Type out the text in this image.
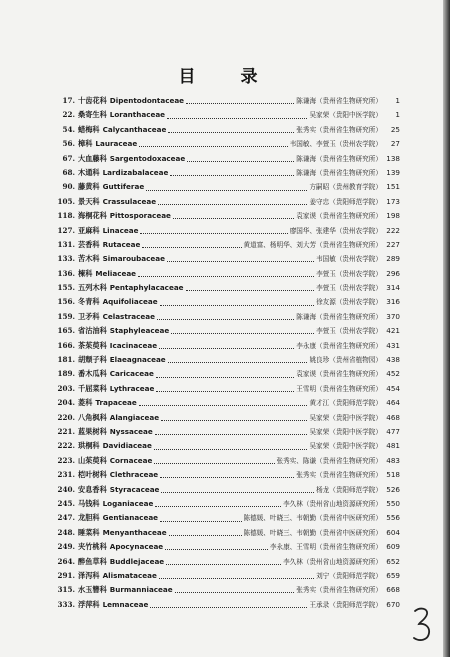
目　录
17. 十齿花科 Dipentodontaceae	陈谦海（贵州省生物研究所）	1
22. 桑寄生科 Loranthaceae	吴家荣（贵阳中医学院）	1
54. 蜡梅科 Calycanthaceae	张秀实（贵州省生物研究所）	25
56. 樟科 Lauraceae	韦国敏、李萱玉（贵州农学院）	27
67. 大血藤科 Sargentodoxaceae	陈谦海（贵州省生物研究所） 138
68. 木通科 Lardizabalaceae	陈谦海（贵州省生物研究所） 139
90. 藤黄科 Guttiferae	方嗣昭（贵州教育学院） 151
105. 景天科 Crassulaceae	姜守忠（贵阳师范学院） 173
118. 海桐花科 Pittosporaceae	袁家谟（贵州省生物研究所） 198
127. 亚麻科 Linaceae	廖国华、张建华（贵州农学院） 222
131. 芸香科 Rutaceae	黄道富、杨明华、刘大芳（贵州省生物研究所） 227
133. 苦木科 Simaroubaceae	韦国敏（贵州农学院） 289
136. 楝科 Meliaceae	李萱玉（贵州农学院） 296
155. 五列木科 Pentaphylacaceae	李萱玉（贵州农学院） 314
156. 冬青科 Aquifoliaceae	徐友源（贵州农学院） 316
159. 卫矛科 Celastraceae	陈谦海（贵州省生物研究所） 370
165. 省沽油科 Staphyleaceae	李萱玉（贵州农学院） 421
166. 茶茱萸科 Icacinaceae	李永康（贵州省生物研究所） 431
181. 胡颓子科 Elaeagnaceae	姚良珍（贵州省植物园） 438
189. 番木瓜科 Caricaceae	袁家谟（贵州省生物研究所） 452
203. 千屈菜科 Lythraceae	王雪明（贵州省生物研究所） 454
204. 菱科 Trapaceae	黄才江（贵阳师范学院） 464
220. 八角枫科 Alangiaceae	吴家荣（贵阳中医学院） 468
221. 蓝果树科 Nyssaceae	吴家荣（贵阳中医学院） 477
222. 珙桐科 Davidiaceae	吴家荣（贵阳中医学院） 481
223. 山茱萸科 Cornaceae	张秀实、陈谦（贵州省生物研究所） 483
231. 桤叶树科 Clethraceae	张秀实（贵州省生物研究所） 518
240. 安息香科 Styracaceae	杨龙（贵阳师范学院） 526
245. 马钱科 Loganiaceae	李久林（贵州省山地资源研究所） 550
247. 龙胆科 Gentianaceae	陈德媛、叶晓三、韦朝勤（贵州省中医研究所） 556
248. 睡菜科 Menyanthaceae	陈德媛、叶晓三、韦朝勤（贵州省中医研究所） 604
249. 夹竹桃科 Apocynaceae	李永康、王雪明（贵州省生物研究所） 609
264. 醉鱼草科 Buddlejaceae	李久林（贵州省山地资源研究所） 652
291. 泽泻科 Alismataceae	刘宁（贵阳师范学院） 659
315. 水玉簪科 Burmanniaceae	张秀实（贵州省生物研究所） 668
333. 浮萍科 Lemnaceae	王承录（贵阳师范学院） 670
